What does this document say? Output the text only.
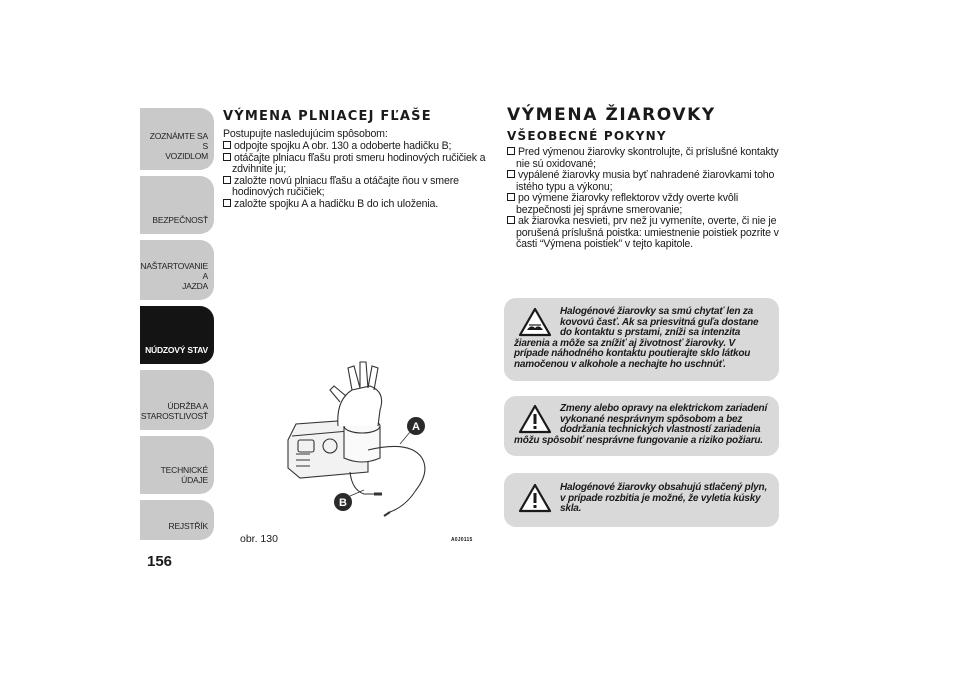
ZOZNÁMTE SA S
VOZIDLOM
BEZPEČNOSŤ
NAŠTARTOVANIE A
JAZDA
NÚDZOVÝ STAV
ÚDRŽBA A
STAROSTLIVOSŤ
TECHNICKÉ ÚDAJE
REJSTŘÍK
156
VÝMENA PLNIACEJ FĽAŠE

Postupujte nasledujúcim spôsobom:

odpojte spojku A obr. 130 a odoberte hadičku B;

otáčajte plniacu fľašu proti smeru hodinových ručičiek a zdvihnite ju;

založte novú plniacu fľašu a otáčajte ňou v smere hodinových ručičiek;

založte spojku A a hadičku B do ich uloženia.

A
B
obr. 130	A0J0115
VÝMENA ŽIAROVKY
VŠEOBECNÉ POKYNY

Pred výmenou žiarovky skontrolujte, či príslušné kontakty nie sú oxidované;

vypálené žiarovky musia byť nahradené žiarovkami toho istého typu a výkonu;

po výmene žiarovky reflektorov vždy overte kvôli bezpečnosti jej správne smerovanie;

ak žiarovka nesvieti, prv než ju vymeníte, overte, či nie je porušená príslušná poistka: umiestnenie poistiek pozrite v časti “Výmena poistiek” v tejto kapitole.

Halogénové žiarovky sa smú chytať len za kovovú časť. Ak sa priesvitná guľa dostane do kontaktu s prstami, zníži sa intenzita žiarenia a môže sa znížiť aj životnosť žiarovky. V prípade náhodného kontaktu poutierajte sklo látkou namočenou v alkohole a nechajte ho uschnúť.
Zmeny alebo opravy na elektrickom zariadení vykonané nesprávnym spôsobom a bez dodržania technických vlastností zariadenia môžu spôsobiť nesprávne fungovanie a riziko požiaru.
Halogénové žiarovky obsahujú stlačený plyn, v prípade rozbitia je možné, že vyletia kúsky skla.
